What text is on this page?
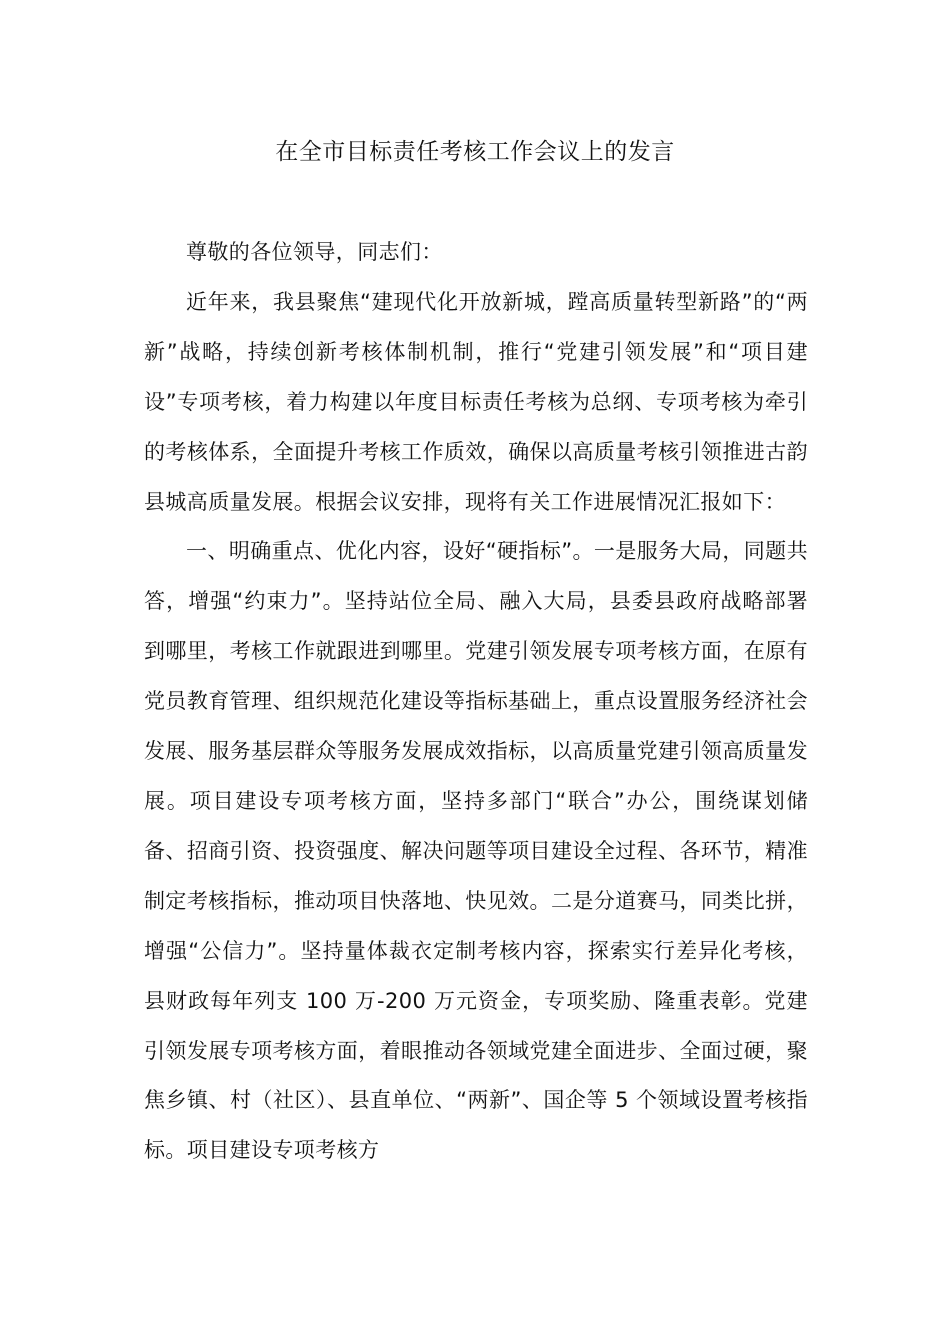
在全市目标责任考核工作会议上的发言

尊敬的各位领导，同志们：

近年来，我县聚焦“建现代化开放新城，蹚高质量转型新路”的“两新”战略，持续创新考核体制机制，推行“党建引领发展”和“项目建设”专项考核，着力构建以年度目标责任考核为总纲、专项考核为牵引的考核体系，全面提升考核工作质效，确保以高质量考核引领推进古韵县城高质量发展。根据会议安排，现将有关工作进展情况汇报如下：

一、明确重点、优化内容，设好“硬指标”。一是服务大局，同题共答，增强“约束力”。坚持站位全局、融入大局，县委县政府战略部署到哪里，考核工作就跟进到哪里。党建引领发展专项考核方面，在原有党员教育管理、组织规范化建设等指标基础上，重点设置服务经济社会发展、服务基层群众等服务发展成效指标，以高质量党建引领高质量发展。项目建设专项考核方面，坚持多部门“联合”办公，围绕谋划储备、招商引资、投资强度、解决问题等项目建设全过程、各环节，精准制定考核指标，推动项目快落地、快见效。二是分道赛马，同类比拼，增强“公信力”。坚持量体裁衣定制考核内容，探索实行差异化考核，县财政每年列支 100 万-200 万元资金，专项奖励、隆重表彰。党建引领发展专项考核方面，着眼推动各领域党建全面进步、全面过硬，聚焦乡镇、村（社区）、县直单位、“两新”、国企等 5 个领域设置考核指标。项目建设专项考核方
